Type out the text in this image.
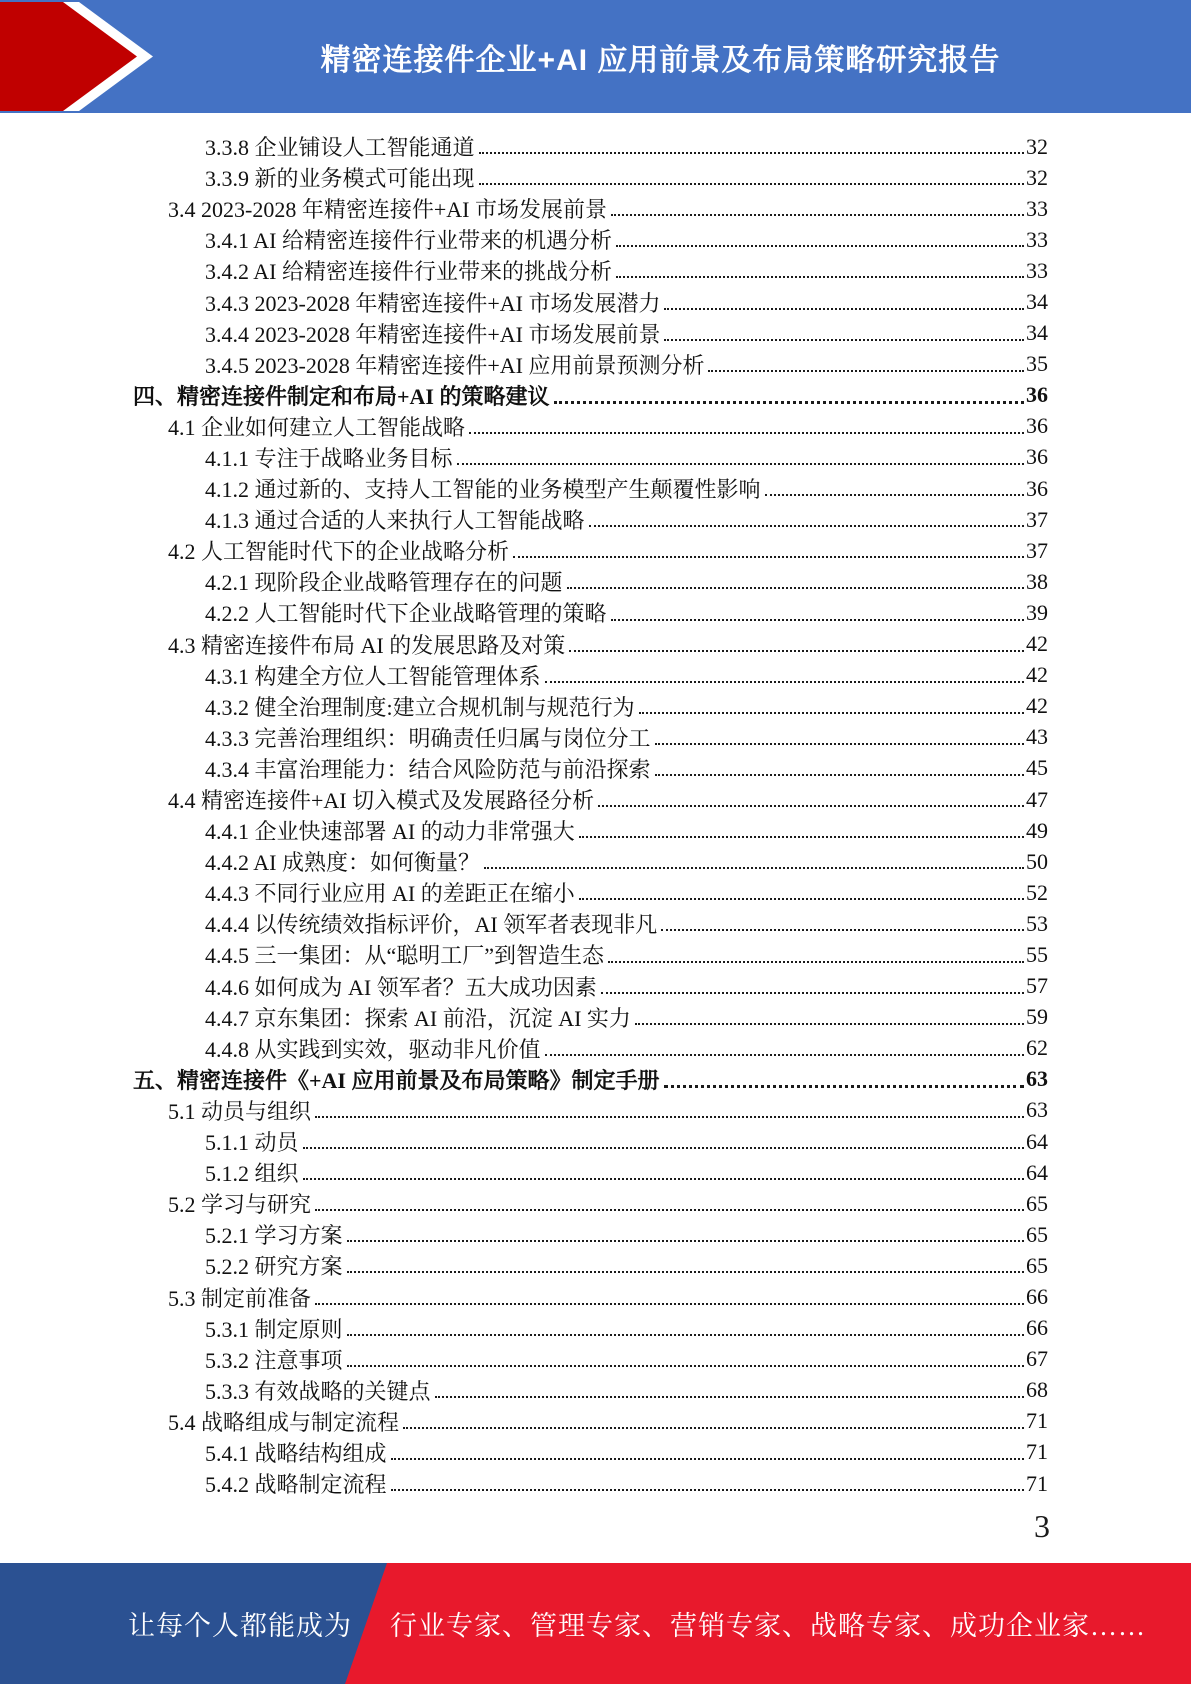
精密连接件企业+AI 应用前景及布局策略研究报告
3.3.8 企业铺设人工智能通道	32
3.3.9 新的业务模式可能出现	32
3.4 2023-2028 年精密连接件+AI 市场发展前景	33
3.4.1 AI 给精密连接件行业带来的机遇分析	33
3.4.2 AI 给精密连接件行业带来的挑战分析	33
3.4.3 2023-2028 年精密连接件+AI 市场发展潜力	34
3.4.4 2023-2028 年精密连接件+AI 市场发展前景	34
3.4.5 2023-2028 年精密连接件+AI 应用前景预测分析	35
四、精密连接件制定和布局+AI 的策略建议	36
4.1 企业如何建立人工智能战略	36
4.1.1 专注于战略业务目标	36
4.1.2 通过新的、支持人工智能的业务模型产生颠覆性影响	36
4.1.3 通过合适的人来执行人工智能战略	37
4.2 人工智能时代下的企业战略分析	37
4.2.1 现阶段企业战略管理存在的问题	38
4.2.2 人工智能时代下企业战略管理的策略	39
4.3 精密连接件布局 AI 的发展思路及对策	42
4.3.1 构建全方位人工智能管理体系	42
4.3.2 健全治理制度:建立合规机制与规范行为	42
4.3.3 完善治理组织：明确责任归属与岗位分工	43
4.3.4 丰富治理能力：结合风险防范与前沿探索	45
4.4 精密连接件+AI 切入模式及发展路径分析	47
4.4.1 企业快速部署 AI 的动力非常强大	49
4.4.2 AI 成熟度：如何衡量？	50
4.4.3 不同行业应用 AI 的差距正在缩小	52
4.4.4 以传统绩效指标评价，AI 领军者表现非凡	53
4.4.5 三一集团：从“聪明工厂”到智造生态	55
4.4.6 如何成为 AI 领军者？五大成功因素	57
4.4.7 京东集团：探索 AI 前沿，沉淀 AI 实力	59
4.4.8 从实践到实效，驱动非凡价值	62
五、精密连接件《+AI 应用前景及布局策略》制定手册	63
5.1 动员与组织	63
5.1.1 动员	64
5.1.2 组织	64
5.2 学习与研究	65
5.2.1 学习方案	65
5.2.2 研究方案	65
5.3 制定前准备	66
5.3.1 制定原则	66
5.3.2 注意事项	67
5.3.3 有效战略的关键点	68
5.4 战略组成与制定流程	71
5.4.1 战略结构组成	71
5.4.2 战略制定流程	71
3
让每个人都能成为 行业专家、管理专家、营销专家、战略专家、成功企业家……
